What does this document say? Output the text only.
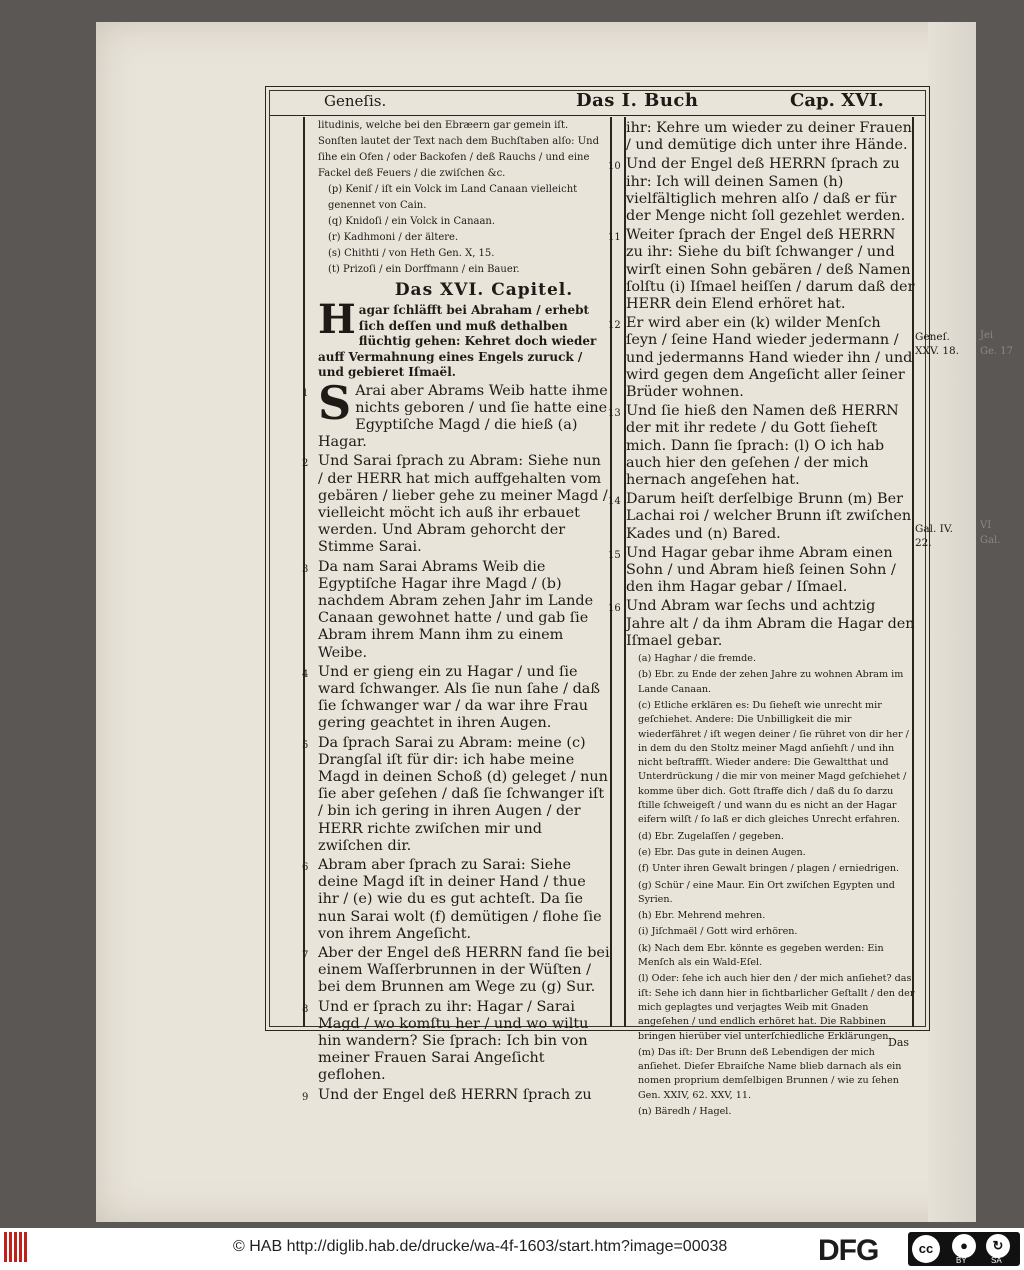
Jei
Ge. 17
VI
Gal.
Geneſis.	Das I. Buch	Cap. XVI.
litudinis, welche bei den Ebræern gar gemein iſt. Sonſten lautet der Text nach dem Buchſtaben alſo: Und ſihe ein Ofen / oder Backofen / deß Rauchs / und eine Fackel deß Feuers / die zwiſchen &c.
(p) Keniſ / iſt ein Volck im Land Canaan vielleicht genennet von Cain.
(q) Knidoſi / ein Volck in Canaan.
(r) Kadhmoni / der ältere.
(s) Chithti / von Heth Gen. X, 15.
(t) Prizoſi / ein Dorffmann / ein Bauer.
Das XVI. Capitel.
Hagar ſchläfft bei Abraham / erhebt ſich deſſen und muß dethalben flüchtig gehen: Kehret doch wieder auff Vermahnung eines Engels zuruck / und gebieret Iſmaël.
1 S Arai aber Abrams Weib hatte ihme nichts geboren / und ſie hatte eine Egyptiſche Magd / die hieß (a) Hagar.
2 Und Sarai ſprach zu Abram: Siehe nun / der HERR hat mich auffgehalten vom gebären / lieber gehe zu meiner Magd / vielleicht möcht ich auß ihr erbauet werden. Und Abram gehorcht der Stimme Sarai.
3 Da nam Sarai Abrams Weib die Egyptiſche Hagar ihre Magd / (b) nachdem Abram zehen Jahr im Lande Canaan gewohnet hatte / und gab ſie Abram ihrem Mann ihm zu einem Weibe.
4 Und er gieng ein zu Hagar / und ſie ward ſchwanger. Als ſie nun ſahe / daß ſie ſchwanger war / da war ihre Frau gering geachtet in ihren Augen.
5 Da ſprach Sarai zu Abram: meine (c) Drangſal iſt für dir: ich habe meine Magd in deinen Schoß (d) geleget / nun ſie aber geſehen / daß ſie ſchwanger iſt / bin ich gering in ihren Augen / der HERR richte zwiſchen mir und zwiſchen dir.
6 Abram aber ſprach zu Sarai: Siehe deine Magd iſt in deiner Hand / thue ihr / (e) wie du es gut achteſt. Da ſie nun Sarai wolt (f) demütigen / flohe ſie von ihrem Angeſicht.
7 Aber der Engel deß HERRN fand ſie bei einem Waſſerbrunnen in der Wüſten / bei dem Brunnen am Wege zu (g) Sur.
8 Und er ſprach zu ihr: Hagar / Sarai Magd / wo komſtu her / und wo wiltu hin wandern? Sie ſprach: Ich bin von meiner Frauen Sarai Angeſicht geflohen.
9 Und der Engel deß HERRN ſprach zu
ihr: Kehre um wieder zu deiner Frauen / und demütige dich unter ihre Hände.
10 Und der Engel deß HERRN ſprach zu ihr: Ich will deinen Samen (h) vielfältiglich mehren alſo / daß er für der Menge nicht ſoll gezehlet werden.
11 Weiter ſprach der Engel deß HERRN zu ihr: Siehe du biſt ſchwanger / und wirſt einen Sohn gebären / deß Namen ſolſtu (i) Iſmael heiſſen / darum daß der HERR dein Elend erhöret hat.
12 Er wird aber ein (k) wilder Menſch ſeyn / ſeine Hand wieder jedermann / und jedermanns Hand wieder ihn / und wird gegen dem Angeſicht aller ſeiner Brüder wohnen.
13 Und ſie hieß den Namen deß HERRN der mit ihr redete / du Gott ſieheſt mich. Dann ſie ſprach: (l) O ich hab auch hier den geſehen / der mich hernach angeſehen hat.
14 Darum heiſt derſelbige Brunn (m) Ber Lachai roi / welcher Brunn iſt zwiſchen Kades und (n) Bared.
15 Und Hagar gebar ihme Abram einen Sohn / und Abram hieß ſeinen Sohn / den ihm Hagar gebar / Iſmael.
16 Und Abram war ſechs und achtzig Jahre alt / da ihm Abram die Hagar den Iſmael gebar.
(a) Haghar / die fremde.
(b) Ebr. zu Ende der zehen Jahre zu wohnen Abram im Lande Canaan.
(c) Etliche erklären es: Du ſieheſt wie unrecht mir geſchiehet. Andere: Die Unbilligkeit die mir wiederfähret / iſt wegen deiner / ſie rühret von dir her / in dem du den Stoltz meiner Magd anſiehſt / und ihn nicht beſtraffſt. Wieder andere: Die Gewaltthat und Unterdrückung / die mir von meiner Magd geſchiehet / komme über dich. Gott ſtraffe dich / daß du ſo darzu ſtille ſchweigeſt / und wann du es nicht an der Hagar eifern wilſt / ſo laß er dich gleiches Unrecht erfahren.
(d) Ebr. Zugelaſſen / gegeben.
(e) Ebr. Das gute in deinen Augen.
(f) Unter ihren Gewalt bringen / plagen / erniedrigen.
(g) Schür / eine Maur. Ein Ort zwiſchen Egypten und Syrien.
(h) Ebr. Mehrend mehren.
(i) Jiſchmaël / Gott wird erhören.
(k) Nach dem Ebr. könnte es gegeben werden: Ein Menſch als ein Wald-Eſel.
(l) Oder: ſehe ich auch hier den / der mich anſiehet? das iſt: Sehe ich dann hier in ſichtbarlicher Geſtallt / den der mich geplagtes und verjagtes Weib mit Gnaden angeſehen / und endlich erhöret hat. Die Rabbinen bringen hierüber viel unterſchiedliche Erklärungen.
(m) Das iſt: Der Brunn deß Lebendigen der mich anſiehet. Dieſer Ebraiſche Name blieb darnach als ein nomen proprium demſelbigen Brunnen / wie zu ſehen Gen. XXIV, 62. XXV, 11.
(n) Bäredh / Hagel.
Geneſ. XXV. 18.
Gal. IV. 22.
Das
© HAB http://diglib.hab.de/drucke/wa-4f-1603/start.htm?image=00038	DFG	cc	●	↻
BY	SA
